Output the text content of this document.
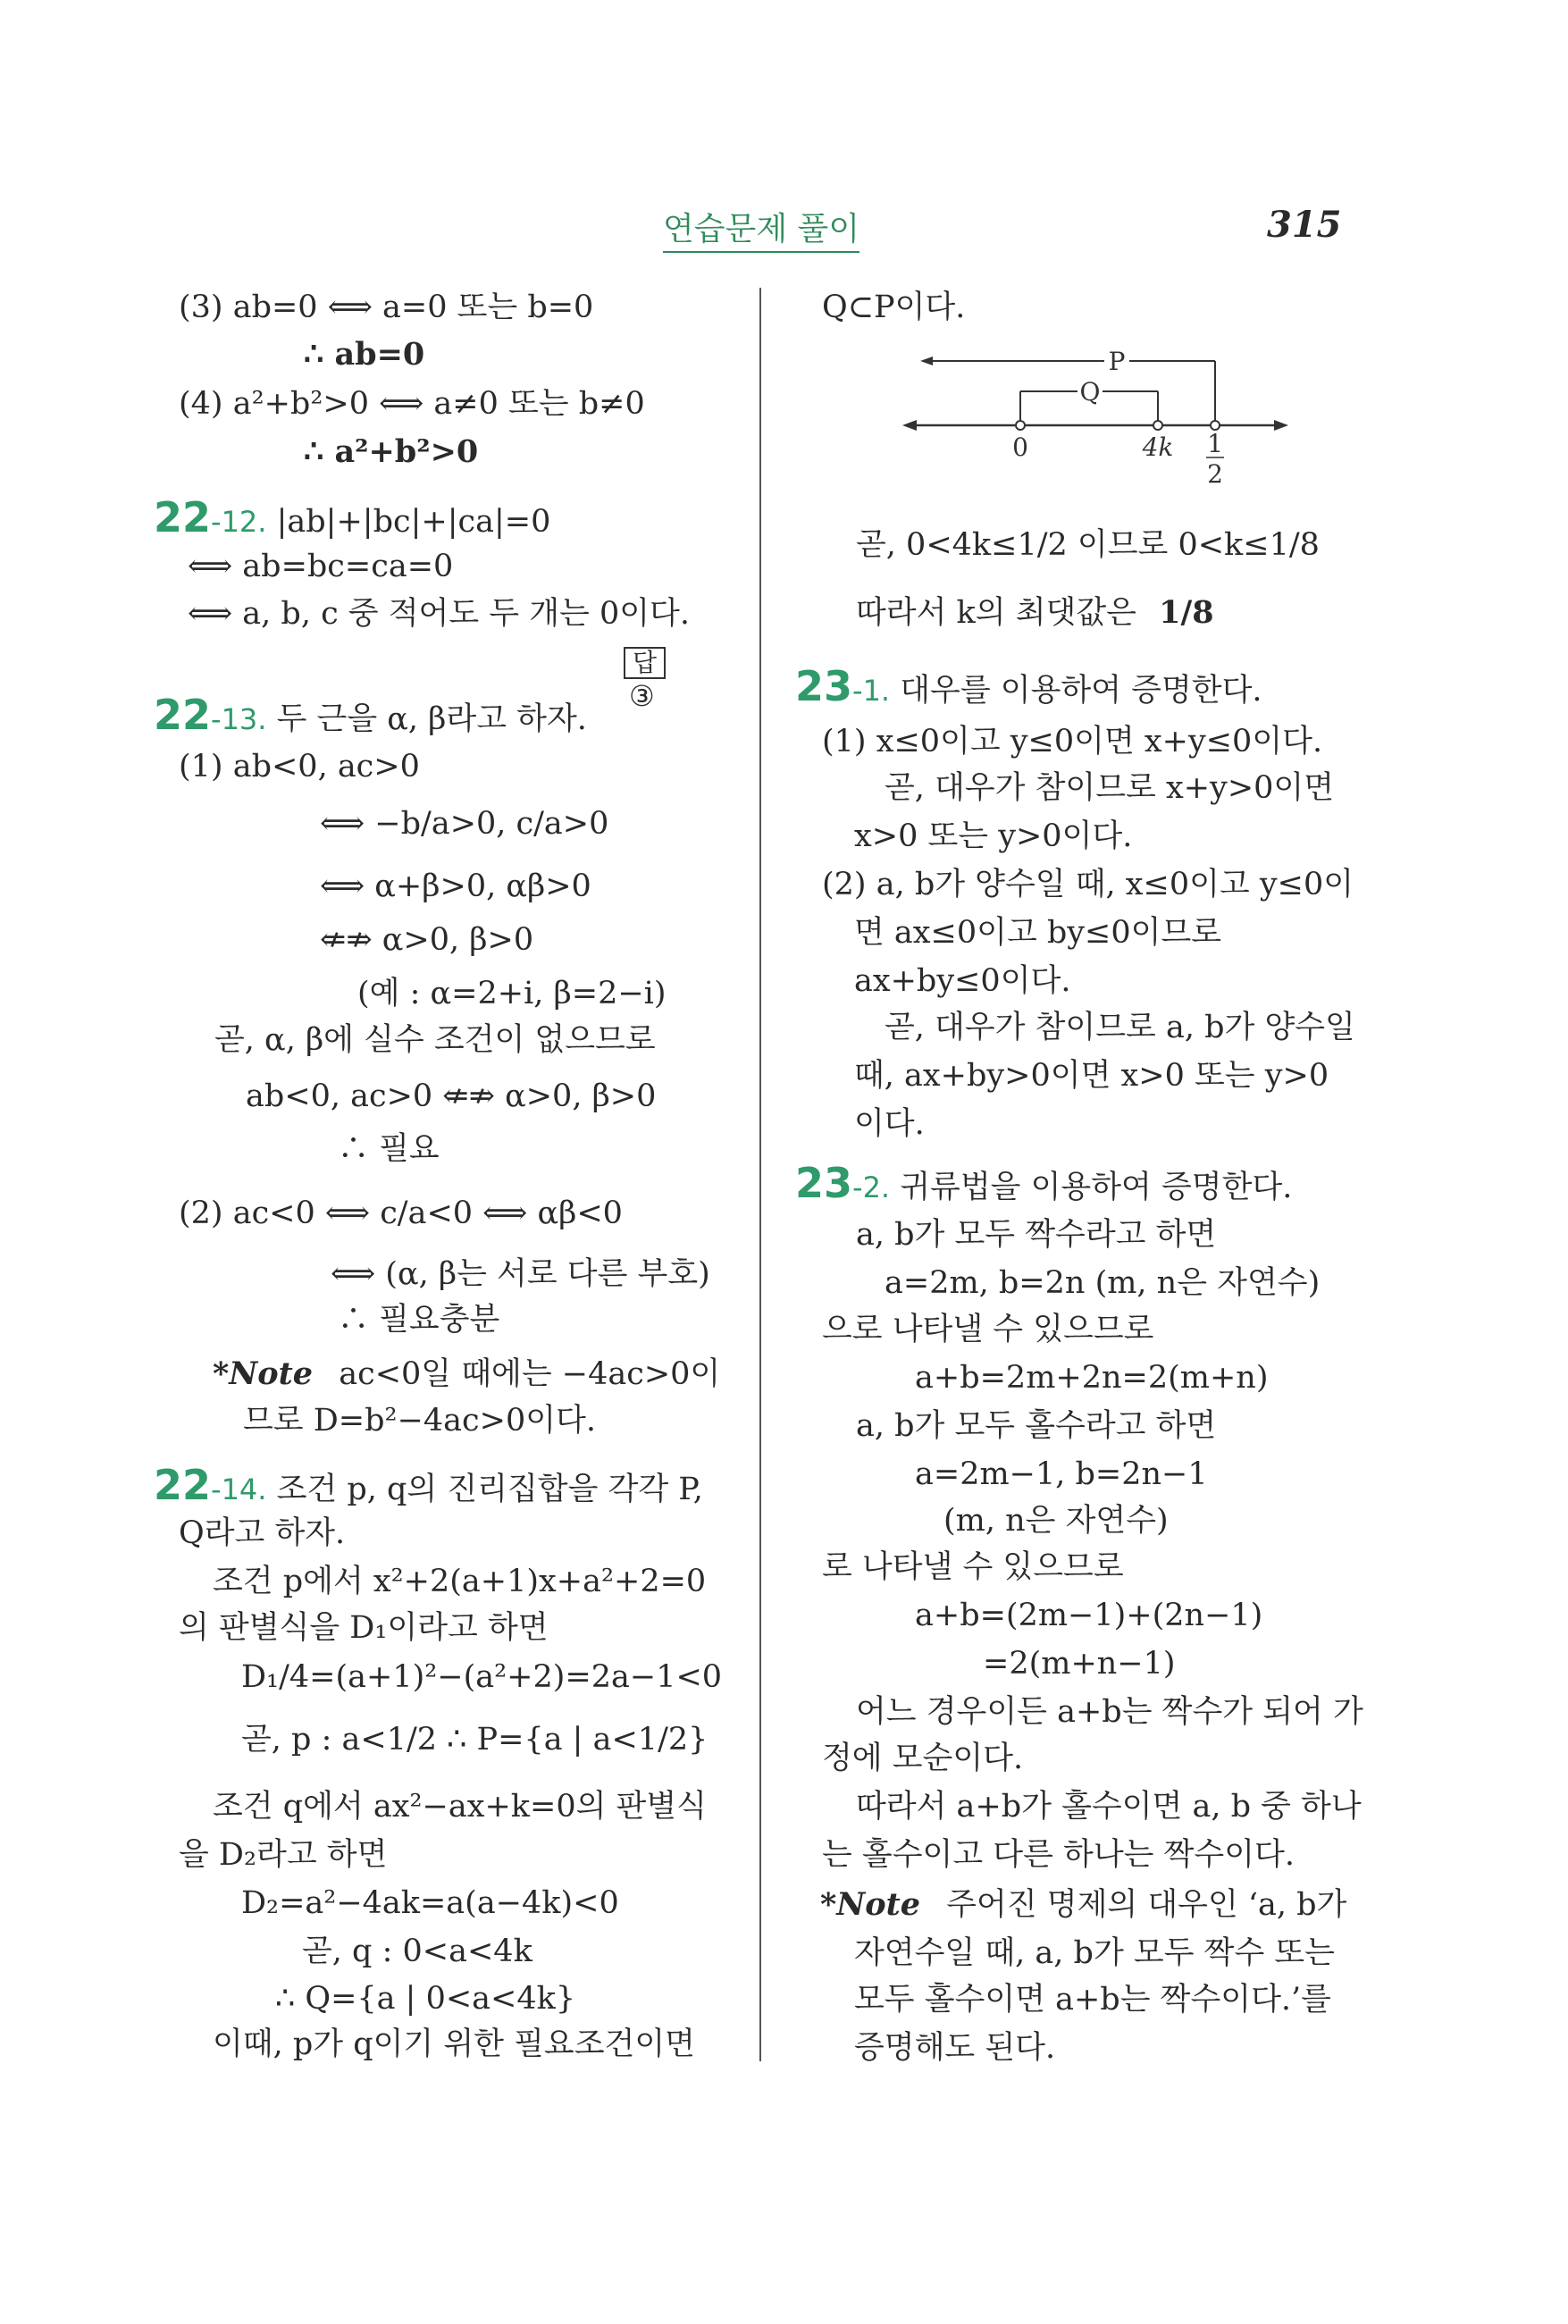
연습문제 풀이	315
(3) ab=0 ⟺ a=0 또는 b=0
∴ ab=0
(4) a²+b²>0 ⟺ a≠0 또는 b≠0
∴ a²+b²>0
22-12. |ab|+|bc|+|ca|=0
⟺ ab=bc=ca=0
⟺ a, b, c 중 적어도 두 개는 0이다.
답 ③
22-13. 두 근을 α, β라고 하자.
(1) ab<0, ac>0
⟺ −b/a>0, c/a>0
⟺ α+β>0, αβ>0
⇍⇏ α>0, β>0
(예 : α=2+i, β=2−i)
곧, α, β에 실수 조건이 없으므로
ab<0, ac>0 ⇍⇏ α>0, β>0
∴ 필요
(2) ac<0 ⟺ c/a<0 ⟺ αβ<0
⟺ (α, β는 서로 다른 부호)
∴ 필요충분
*Note ac<0일 때에는 −4ac>0이
므로 D=b²−4ac>0이다.
22-14. 조건 p, q의 진리집합을 각각 P,
Q라고 하자.
조건 p에서 x²+2(a+1)x+a²+2=0
의 판별식을 D₁이라고 하면
D₁/4=(a+1)²−(a²+2)=2a−1<0
곧, p : a<1/2 ∴ P={a | a<1/2}
조건 q에서 ax²−ax+k=0의 판별식
을 D₂라고 하면
D₂=a²−4ak=a(a−4k)<0
곧, q : 0<a<4k
∴ Q={a | 0<a<4k}
이때, p가 q이기 위한 필요조건이면
Q⊂P이다.
P
Q
0	4k 1
2
곧, 0<4k≤1/2 이므로 0<k≤1/8
따라서 k의 최댓값은 1/8
23-1. 대우를 이용하여 증명한다.
(1) x≤0이고 y≤0이면 x+y≤0이다.
곧, 대우가 참이므로 x+y>0이면
x>0 또는 y>0이다.
(2) a, b가 양수일 때, x≤0이고 y≤0이
면 ax≤0이고 by≤0이므로
ax+by≤0이다.
곧, 대우가 참이므로 a, b가 양수일
때, ax+by>0이면 x>0 또는 y>0
이다.
23-2. 귀류법을 이용하여 증명한다.
a, b가 모두 짝수라고 하면
a=2m, b=2n (m, n은 자연수)
으로 나타낼 수 있으므로
a+b=2m+2n=2(m+n)
a, b가 모두 홀수라고 하면
a=2m−1, b=2n−1
(m, n은 자연수)
로 나타낼 수 있으므로
a+b=(2m−1)+(2n−1)
=2(m+n−1)
어느 경우이든 a+b는 짝수가 되어 가
정에 모순이다.
따라서 a+b가 홀수이면 a, b 중 하나
는 홀수이고 다른 하나는 짝수이다.
*Note 주어진 명제의 대우인 ‘a, b가
자연수일 때, a, b가 모두 짝수 또는
모두 홀수이면 a+b는 짝수이다.’를
증명해도 된다.
